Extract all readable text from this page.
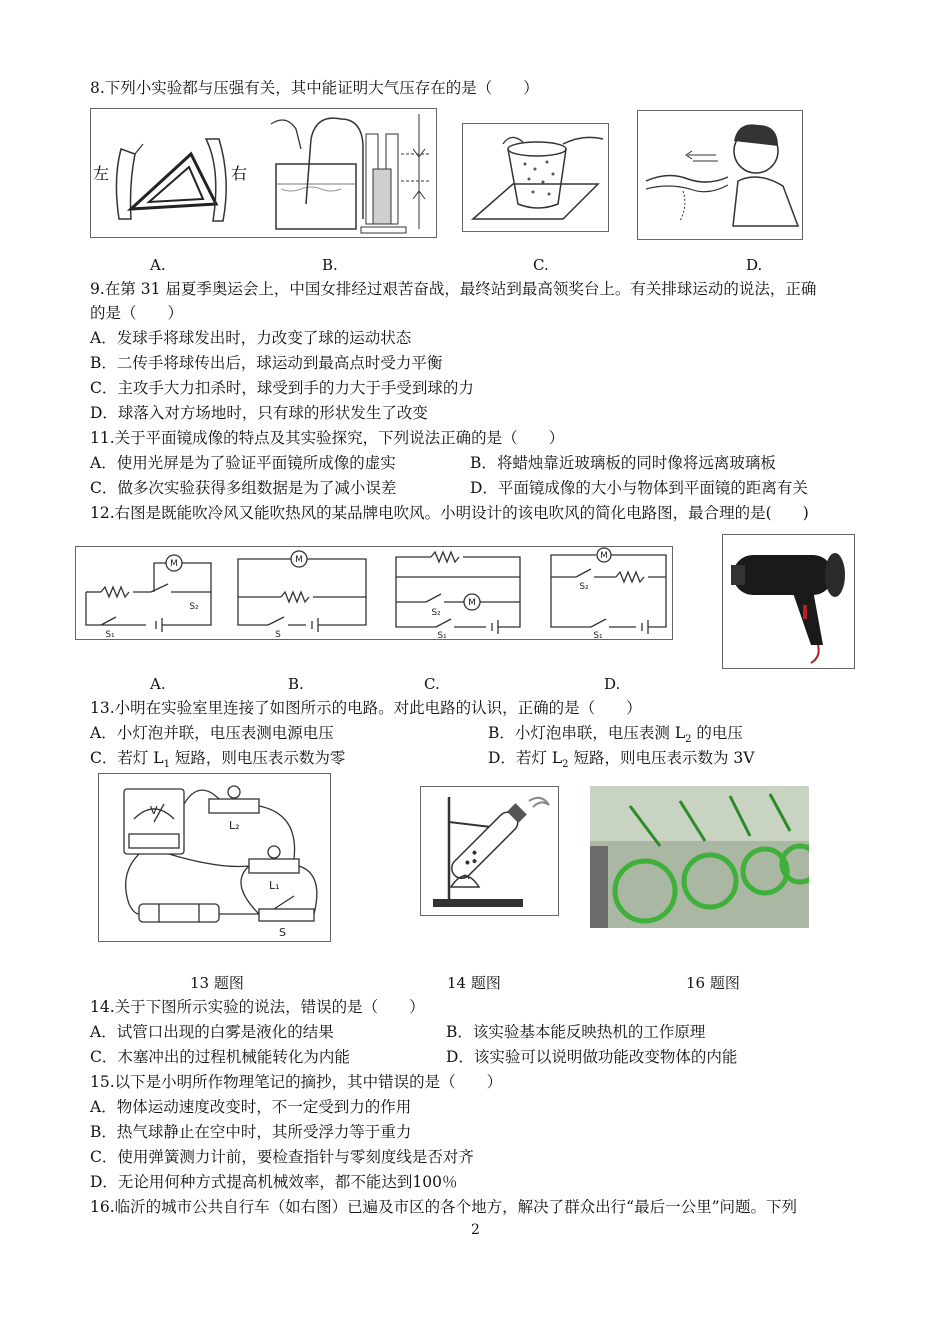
8.下列小实验都与压强有关，其中能证明大气压存在的是（　　）
左	右
A.	B.	C.	D.
9.在第 31 届夏季奥运会上，中国女排经过艰苦奋战，最终站到最高领奖台上。有关排球运动的说法，正确
的是（　　）
A．发球手将球发出时，力改变了球的运动状态
B．二传手将球传出后，球运动到最高点时受力平衡
C．主攻手大力扣杀时，球受到手的力大于手受到球的力
D．球落入对方场地时，只有球的形状发生了改变
11.关于平面镜成像的特点及其实验探究，下列说法正确的是（　　）
A．使用光屏是为了验证平面镜所成像的虚实	B．将蜡烛靠近玻璃板的同时像将远离玻璃板
C．做多次实验获得多组数据是为了减小误差	D．平面镜成像的大小与物体到平面镜的距离有关
12.右图是既能吹冷风又能吹热风的某品牌电吹风。小明设计的该电吹风的简化电路图，最合理的是(　　)
M
S₂
S₁
M
S
M
S₂
S₁
M
S₂
S₁
A.	B.	C.	D.
13.小明在实验室里连接了如图所示的电路。对此电路的认识，正确的是（　　）
A．小灯泡并联，电压表测电源电压	B．小灯泡串联，电压表测 $L_2$ 的电压
C．若灯 $L_1$ 短路，则电压表示数为零	D．若灯 $L_2$ 短路，则电压表示数为 3V
V
L₂
L₁
S
13 题图	14 题图	16 题图
14.关于下图所示实验的说法，错误的是（　　）
A．试管口出现的白雾是液化的结果	B．该实验基本能反映热机的工作原理
C．木塞冲出的过程机械能转化为内能	D．该实验可以说明做功能改变物体的内能
15.以下是小明所作物理笔记的摘抄，其中错误的是（　　）
A．物体运动速度改变时，不一定受到力的作用
B．热气球静止在空中时，其所受浮力等于重力
C．使用弹簧测力计前，要检查指针与零刻度线是否对齐
D．无论用何种方式提高机械效率，都不能达到100％
16.临沂的城市公共自行车（如右图）已遍及市区的各个地方，解决了群众出行“最后一公里”问题。下列
2
